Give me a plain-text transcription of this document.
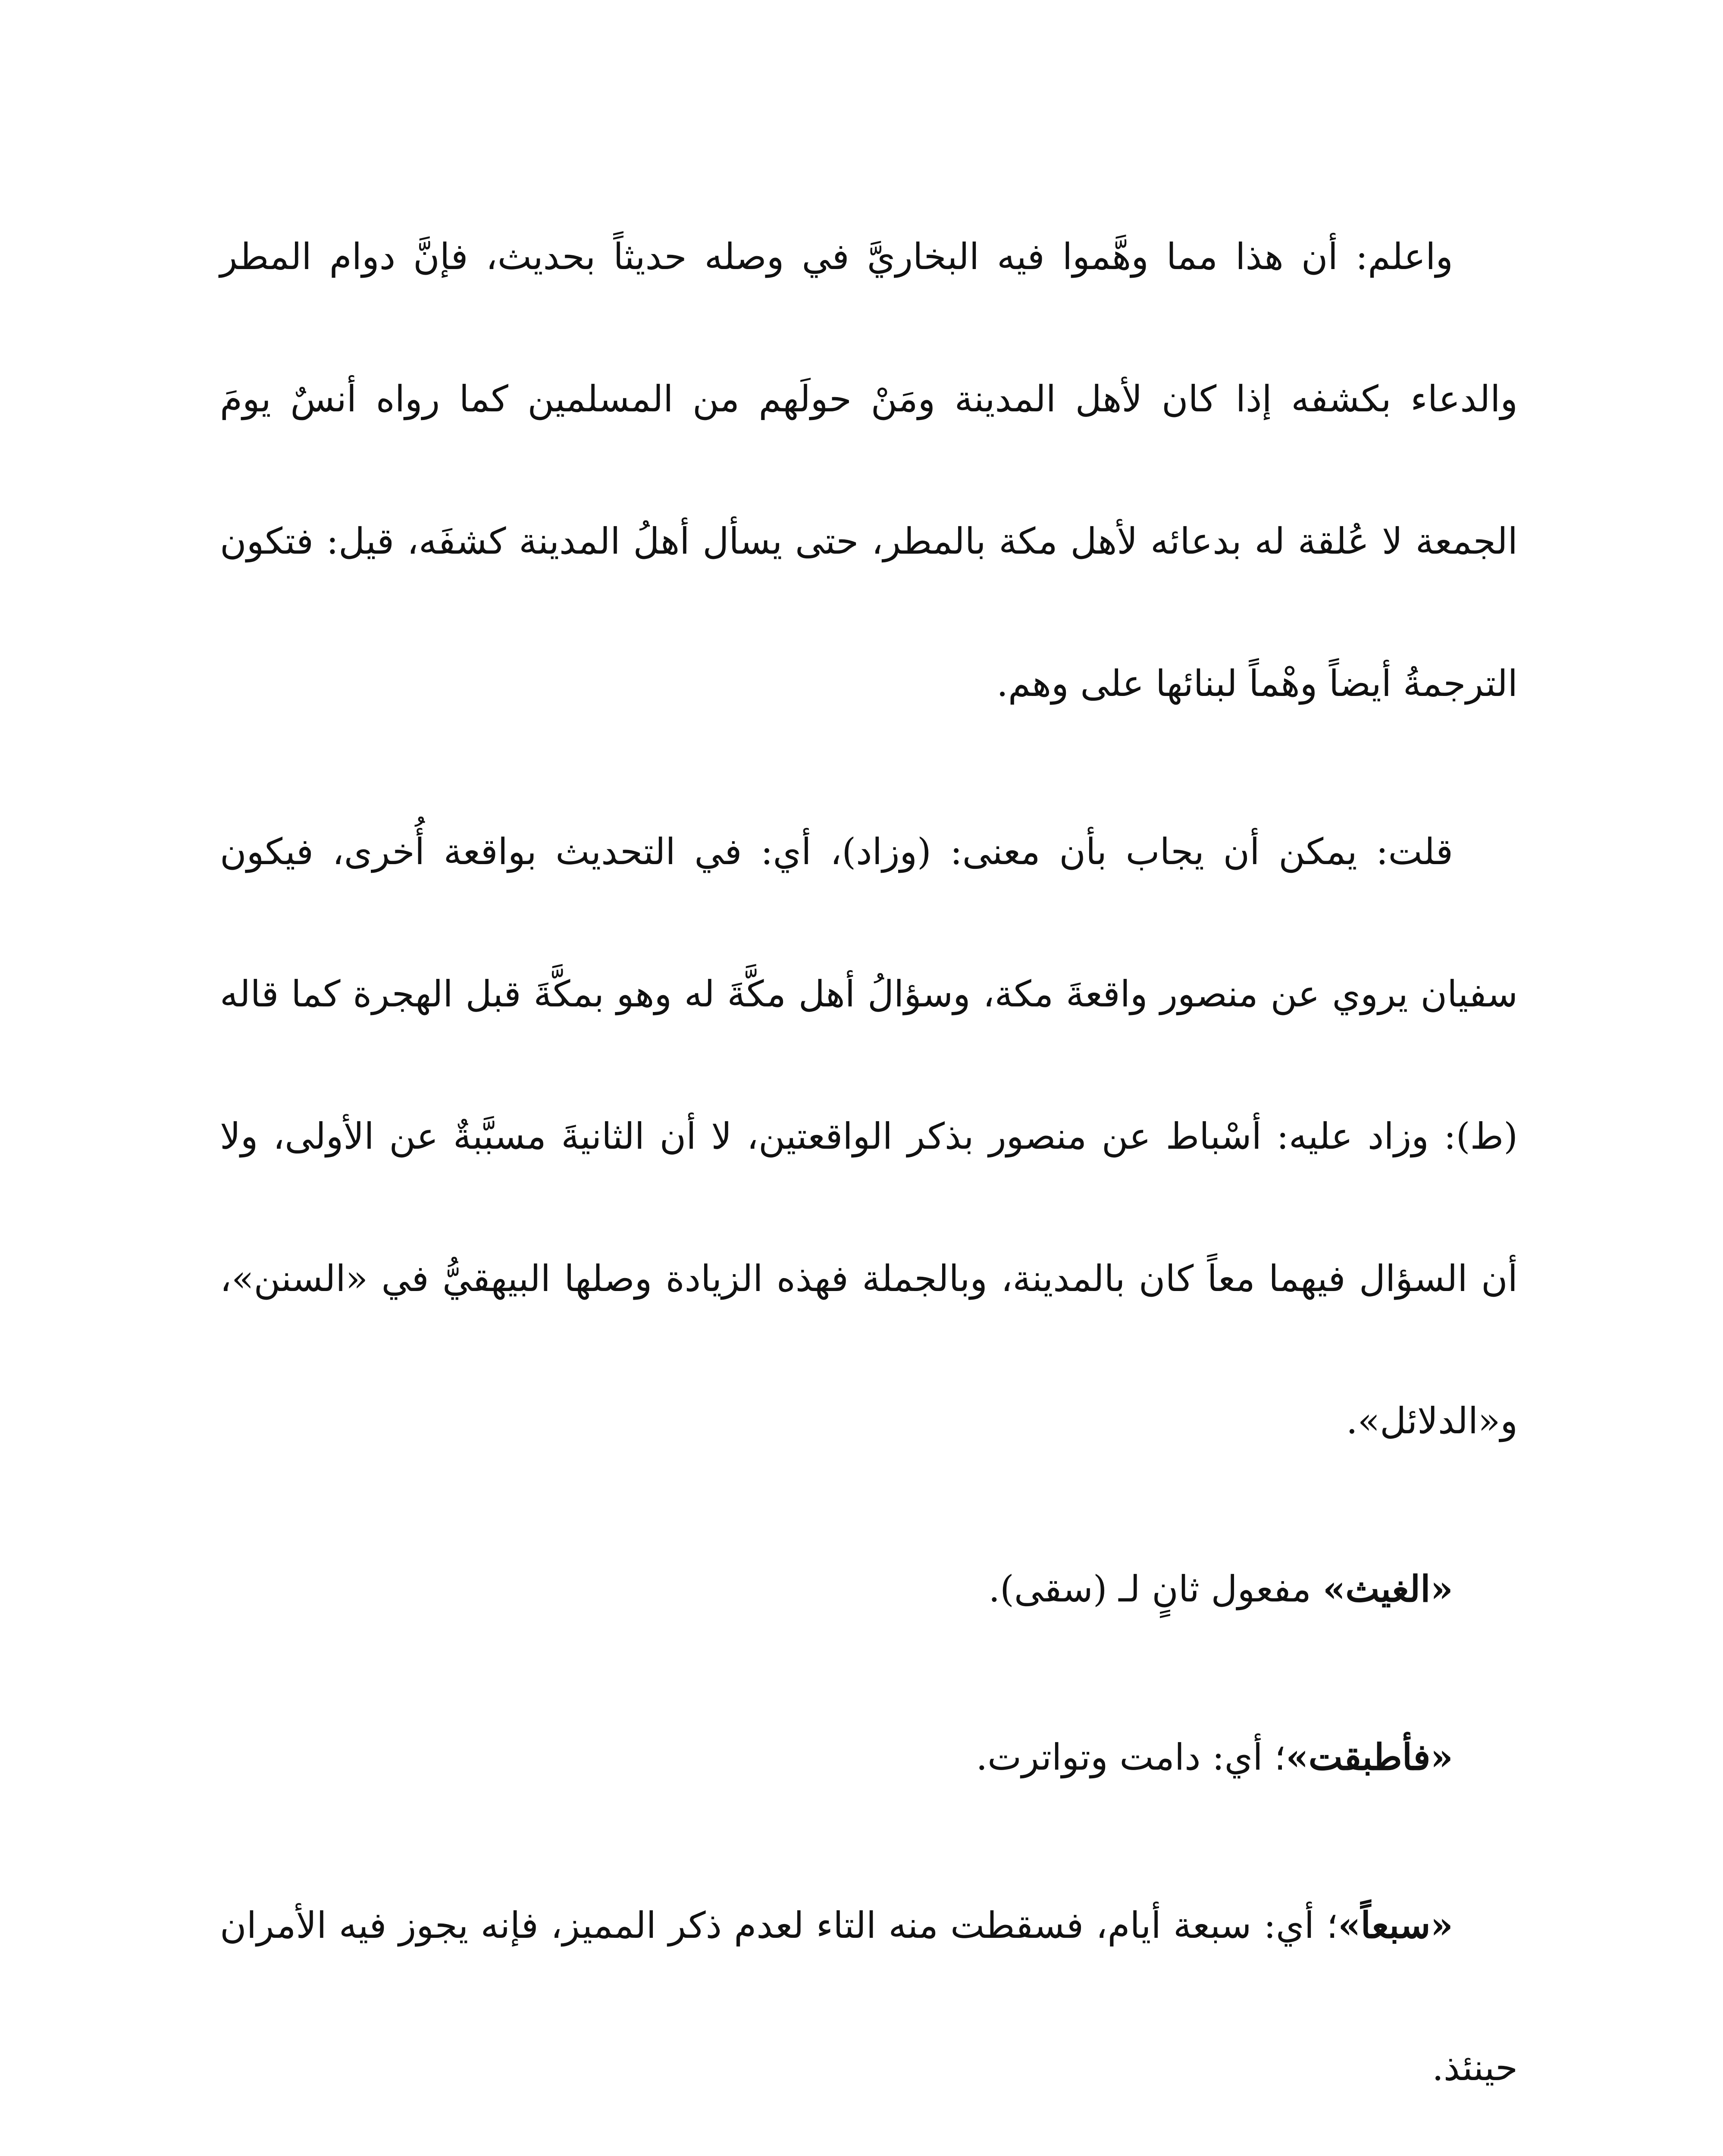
واعلم: أن هذا مما وهَّموا فيه البخاريَّ في وصله حديثاً بحديث، فإنَّ دوام المطر والدعاء بكشفه إذا كان لأهل المدينة ومَنْ حولَهم من المسلمين كما رواه أنسٌ يومَ الجمعة لا عُلقة له بدعائه لأهل مكة بالمطر، حتى يسأل أهلُ المدينة كشفَه، قيل: فتكون الترجمةُ أيضاً وهْماً لبنائها على وهم.

قلت: يمكن أن يجاب بأن معنى: (وزاد)، أي: في التحديث بواقعة أُخرى، فيكون سفيان يروي عن منصور واقعةَ مكة، وسؤالُ أهل مكَّةَ له وهو بمكَّةَ قبل الهجرة كما قاله (ط): وزاد عليه: أسْباط عن منصور بذكر الواقعتين، لا أن الثانيةَ مسبَّبةٌ عن الأولى، ولا أن السؤال فيهما معاً كان بالمدينة، وبالجملة فهذه الزيادة وصلها البيهقيُّ في «السنن»، و«الدلائل».

«الغيث» مفعول ثانٍ لـ (سقى).

«فأطبقت»؛ أي: دامت وتواترت.

«سبعاً»؛ أي: سبعة أيام، فسقطت منه التاء لعدم ذكر المميز، فإنه يجوز فيه الأمران حينئذ.
